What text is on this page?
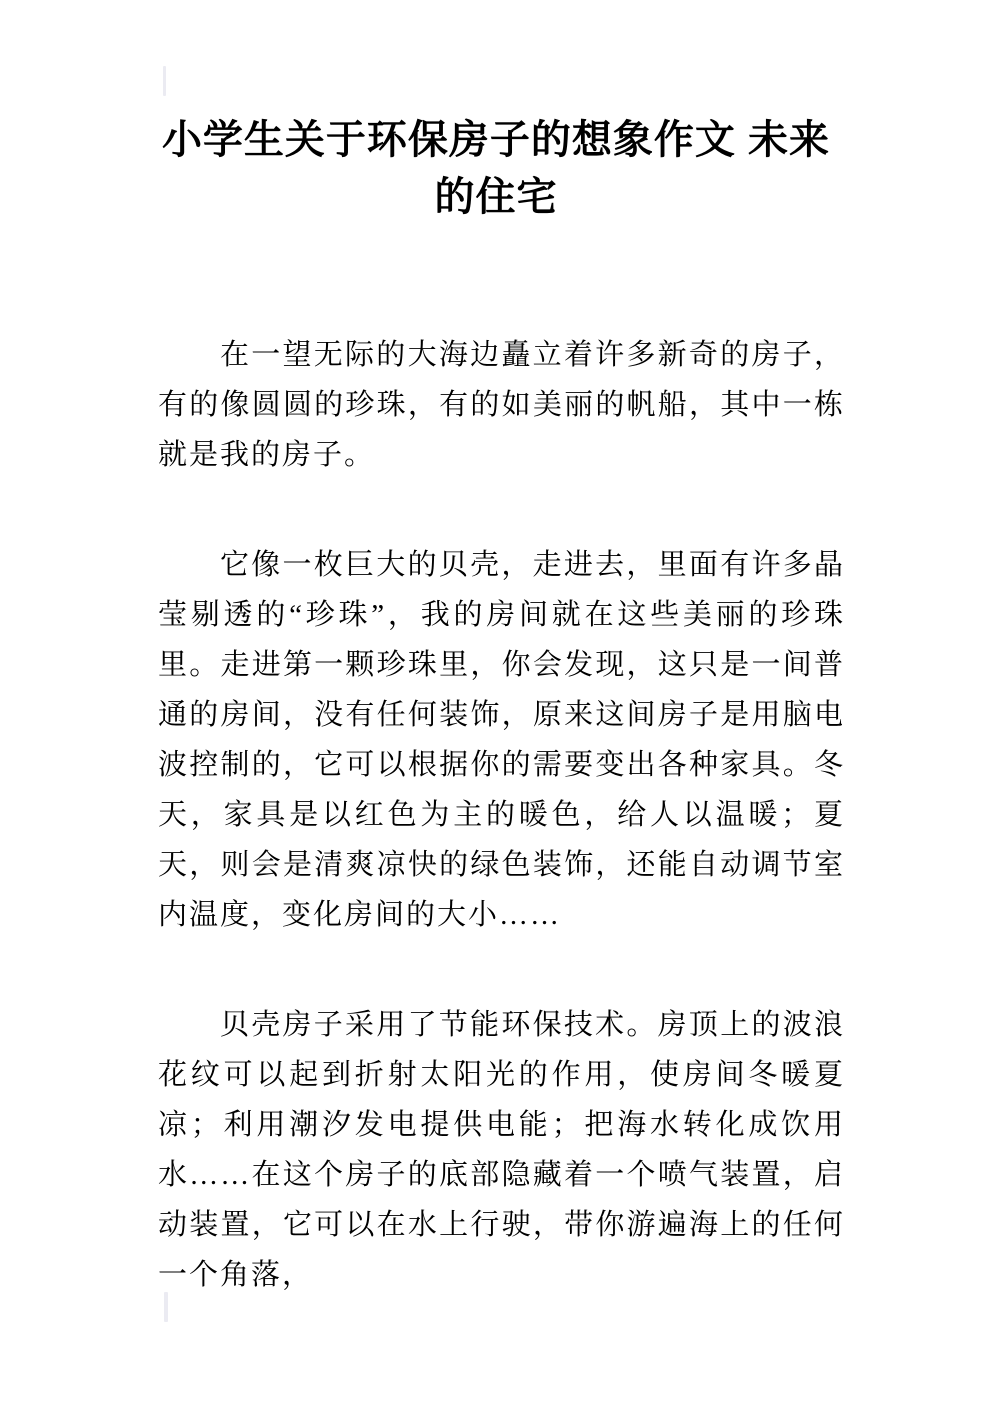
小学生关于环保房子的想象作文 未来
的住宅

在一望无际的大海边矗立着许多新奇的房子，有的像圆圆的珍珠，有的如美丽的帆船，其中一栋就是我的房子。

它像一枚巨大的贝壳，走进去，里面有许多晶莹剔透的“珍珠”，我的房间就在这些美丽的珍珠里。走进第一颗珍珠里，你会发现，这只是一间普通的房间，没有任何装饰，原来这间房子是用脑电波控制的，它可以根据你的需要变出各种家具。冬天，家具是以红色为主的暖色，给人以温暖；夏天，则会是清爽凉快的绿色装饰，还能自动调节室内温度，变化房间的大小……

贝壳房子采用了节能环保技术。房顶上的波浪花纹可以起到折射太阳光的作用，使房间冬暖夏凉；利用潮汐发电提供电能；把海水转化成饮用水……在这个房子的底部隐藏着一个喷气装置，启动装置，它可以在水上行驶，带你游遍海上的任何一个角落，
